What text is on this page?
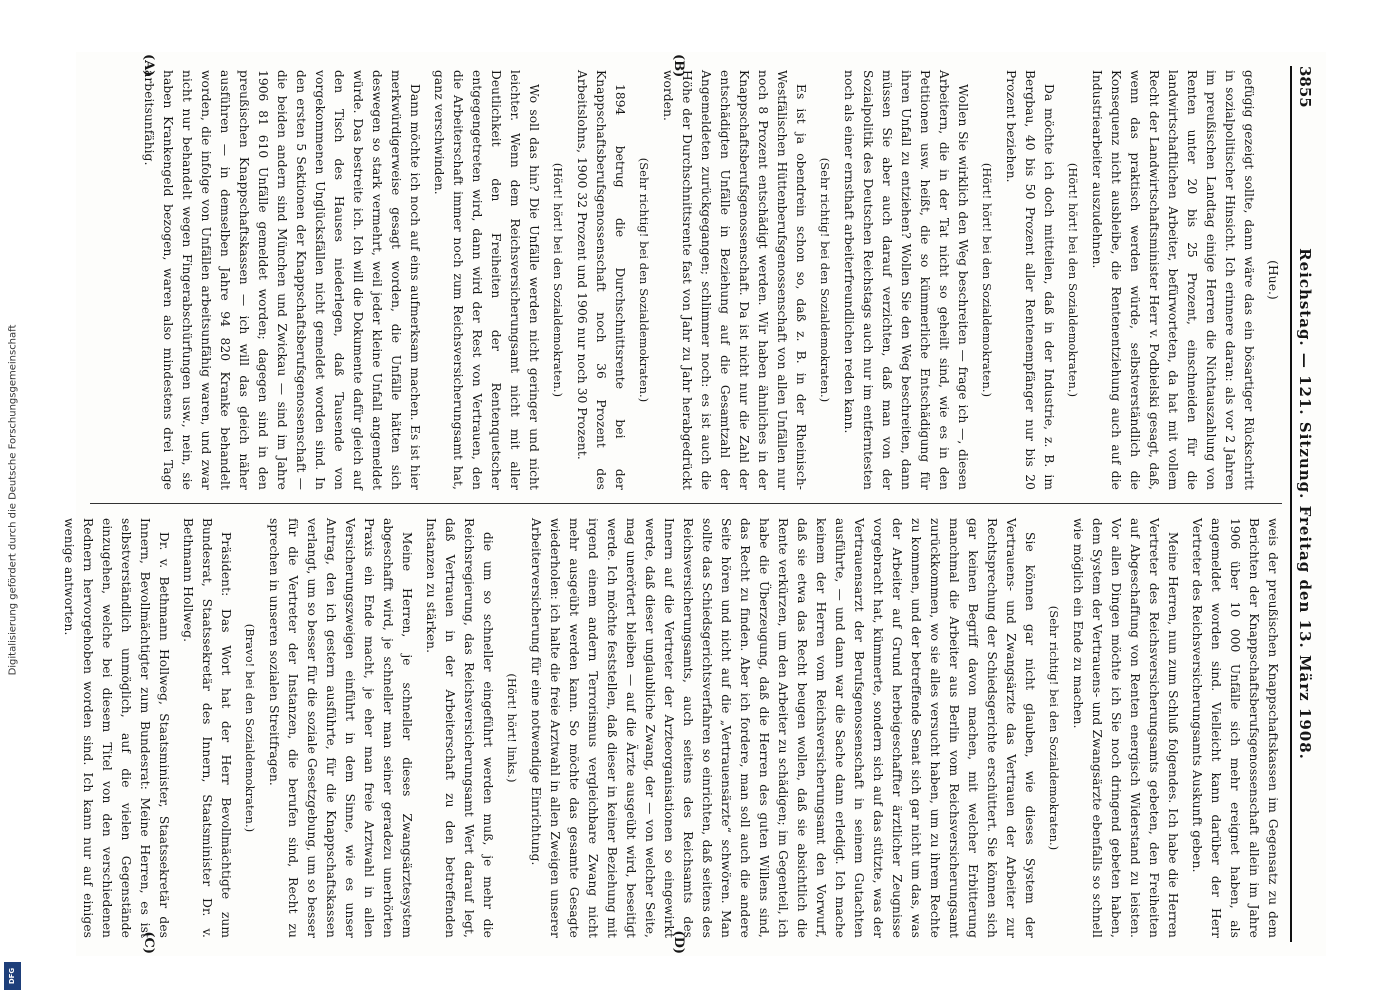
Digitalisierung gefördert durch die Deutsche Forschungsgemeinschaft
DFG
3855
Reichstag. — 121. Sitzung. Freitag den 13. März 1908.
(A)	(B)
(C)	(D)

(Hue.)

gefügig gezeigt sollte, dann wäre das ein bösartiger Rückschritt in sozialpolitischer Hinsicht. Ich erinnere daran: als vor 2 Jahren im preußischen Landtag einige Herren die Nichtauszahlung von Renten unter 20 bis 25 Prozent, einschneiden für die landwirtschaftlichen Arbeiter, befürworteten, da hat mit vollem Recht der Landwirtschaftsminister Herr v. Podbielski gesagt, daß, wenn das praktisch werden würde, selbstverständlich die Konsequenz nicht ausbleibe, die Rentenentziehung auch auf die Industriearbeiter auszudehnen.

(Hört! hört! bei den Sozialdemokraten.)

Da möchte ich doch mitteilen, daß in der Industrie, z. B. im Bergbau, 40 bis 50 Prozent aller Rentenempfänger nur bis 20 Prozent beziehen.

(Hört! hört! bei den Sozialdemokraten.)

Wollen Sie wirklich den Weg beschreiten — frage ich —, diesen Arbeitern, die in der Tat nicht so geheilt sind, wie es in den Petitionen usw. heißt, die so kümmerliche Entschädigung für ihren Unfall zu entziehen? Wollen Sie den Weg beschreiten, dann müssen Sie aber auch darauf verzichten, daß man von der Sozialpolitik des Deutschen Reichstags auch nur im entferntesten noch als einer ernsthaft arbeiterfreundlichen reden kann.

(Sehr richtig! bei den Sozialdemokraten.)

Es ist ja obendrein schon so, daß z. B. in der Rheinisch-Westfälischen Hüttenberufsgenossenschaft von allen Unfällen nur noch 8 Prozent entschädigt werden. Wir haben ähnliches in der Knappschaftsberufsgenossenschaft. Da ist nicht nur die Zahl der entschädigten Unfälle in Beziehung auf die Gesamtzahl der Angemeldeten zurückgegangen; schlimmer noch: es ist auch die Höhe der Durchschnittsrente fast von Jahr zu Jahr herabgedrückt worden.

(Sehr richtig! bei den Sozialdemokraten.)

1894 betrug die Durchschnittsrente bei der Knappschaftsberufsgenossenschaft noch 36 Prozent des Arbeitslohns, 1900 32 Prozent und 1906 nur noch 30 Prozent.

(Hört! hört! bei den Sozialdemokraten.)

Wo soll das hin? Die Unfälle werden nicht geringer und nicht leichter. Wenn dem Reichsversicherungsamt nicht mit aller Deutlichkeit den Freiheiten der Rentenquetscher entgegengetreten wird, dann wird der Rest von Vertrauen, den die Arbeiterschaft immer noch zum Reichsversicherungsamt hat, ganz verschwinden.

Dann möchte ich noch auf eins aufmerksam machen. Es ist hier merkwürdigerweise gesagt worden, die Unfälle hätten sich deswegen so stark vermehrt, weil jeder kleine Unfall angemeldet würde. Das bestreite ich. Ich will die Dokumente dafür gleich auf den Tisch des Hauses niederlegen, daß Tausende von vorgekommenen Unglücksfällen nicht gemeldet worden sind. In den ersten 5 Sektionen der Knappschaftsberufsgenossenschaft — die beiden andern sind München und Zwickau — sind im Jahre 1906 81 610 Unfälle gemeldet worden; dagegen sind in den preußischen Knappschaftskassen — ich will das gleich näher ausführen — in demselben Jahre 94 820 Kranke behandelt worden, die infolge von Unfällen arbeitsunfähig waren, und zwar nicht nur behandelt wegen Fingerabschürfungen usw., nein, sie haben Krankengeld bezogen, waren also mindestens drei Tage arbeitsunfähig.

weis der preußischen Knappschaftskassen im Gegensatz zu dem Berichten der Knappschaftsberufsgenossenschaft allein im Jahre 1906 über 10 000 Unfälle sich mehr ereignet haben, als angemeldet worden sind. Vielleicht kann darüber der Herr Vertreter des Reichsversicherungsamts Auskunft geben.

Meine Herren, nun zum Schluß folgendes. Ich habe die Herren Vertreter des Reichsversicherungsamts gebeten, den Freiheiten auf Abgeschaffung von Renten energisch Widerstand zu leisten. Vor allen Dingen möchte ich Sie noch dringend gebeten haben, dem System der Vertrauens- und Zwangsärzte ebenfalls so schnell wie möglich ein Ende zu machen.

(Sehr richtig! bei den Sozialdemokraten.)

Sie können gar nicht glauben, wie dieses System der Vertrauens- und Zwangsärzte das Vertrauen der Arbeiter zur Rechtsprechung der Schiedsgerichte erschüttert. Sie können sich gar keinen Begriff davon machen, mit welcher Erbitterung manchmal die Arbeiter aus Berlin vom Reichsversicherungsamt zurückkommen, wo sie alles versucht haben, um zu ihrem Rechte zu kommen, und der betreffende Senat sich gar nicht um das, was der Arbeiter auf Grund herbeigeschaffter ärztlicher Zeugnisse vorgebracht hat, kümmerte, sondern sich auf das stützte, was der Vertrauensarzt der Berufsgenossenschaft in seinem Gutachten ausführte, — und dann war die Sache dann erledigt. Ich mache keinem der Herren vom Reichsversicherungsamt den Vorwurf, daß sie etwa das Recht beugen wollen, daß sie absichtlich die Rente verkürzen, um den Arbeiter zu schädigen; im Gegenteil, ich habe die Überzeugung, daß die Herren des guten Willens sind, das Recht zu finden. Aber ich fordere, man soll auch die andere Seite hören und nicht auf die „Vertrauensärzte“ schwören. Man sollte das Schiedsgerichtsverfahren so einrichten, daß seitens des Reichsversicherungsamts, auch seitens des Reichsamts des Innern auf die Vertreter der Arzteorganisationen so eingewirkt werde, daß dieser unglaubliche Zwang, der — von welcher Seite, mag unerörtert bleiben — auf die Ärzte ausgeübt wird, beseitigt werde. Ich möchte feststellen, daß dieser in keiner Beziehung mit irgend einem andern Terrorismus vergleichbare Zwang nicht mehr ausgeübt werden kann. So möchte das gesamte Gesagte wiederholen: ich halte die freie Arztwahl in allen Zweigen unserer Arbeiterversicherung für eine notwendige Einrichtung.

(Hört! hört! links.)

die um so schneller eingeführt werden muß, je mehr die Reichsregierung, das Reichsversicherungsamt Wert darauf legt, daß Vertrauen in der Arbeiterschaft zu den betreffenden Instanzen zu stärken.

Meine Herren, je schneller dieses Zwangsärztesystem abgeschafft wird, je schneller man seiner geradezu unerhörten Praxis ein Ende macht, je eher man freie Arztwahl in allen Versicherungszweigen einführt in dem Sinne, wie es unser Antrag, den ich gestern ausführte, für die Knappschaftskassen verlangt, um so besser für die soziale Gesetzgebung, um so besser für die Vertreter der Instanzen, die berufen sind, Recht zu sprechen in unseren sozialen Streitfragen.

(Bravo! bei den Sozialdemokraten.)

Präsident: Das Wort hat der Herr Bevollmächtigte zum Bundesrat, Staatssekretär des Innern, Staatsminister Dr. v. Bethmann Hollweg.

Dr. v. Bethmann Hollweg, Staatsminister, Staatssekretär des Innern, Bevollmächtigter zum Bundesrat: Meine Herren, es ist selbstverständlich unmöglich, auf die vielen Gegenstände einzugehen, welche bei diesem Titel von den verschiedenen Rednern hervorgehoben worden sind. Ich kann nur auf einiges wenige antworten.
